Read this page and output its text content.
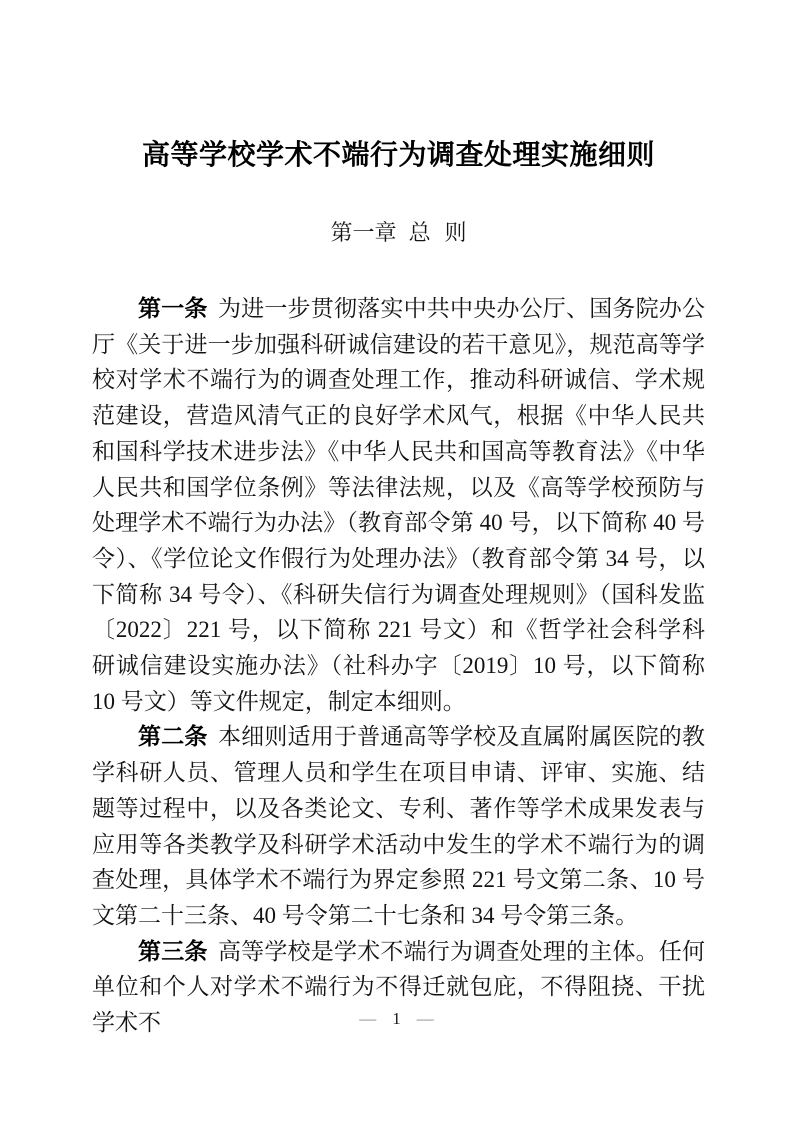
高等学校学术不端行为调查处理实施细则
第一章 总 则

第一条 为进一步贯彻落实中共中央办公厅、国务院办公厅《关于进一步加强科研诚信建设的若干意见》，规范高等学校对学术不端行为的调查处理工作，推动科研诚信、学术规范建设，营造风清气正的良好学术风气，根据《中华人民共和国科学技术进步法》《中华人民共和国高等教育法》《中华人民共和国学位条例》等法律法规，以及《高等学校预防与处理学术不端行为办法》（教育部令第 40 号，以下简称 40 号令）、《学位论文作假行为处理办法》（教育部令第 34 号，以下简称 34 号令）、《科研失信行为调查处理规则》（国科发监〔2022〕221 号，以下简称 221 号文）和《哲学社会科学科研诚信建设实施办法》（社科办字〔2019〕10 号，以下简称 10 号文）等文件规定，制定本细则。

第二条 本细则适用于普通高等学校及直属附属医院的教学科研人员、管理人员和学生在项目申请、评审、实施、结题等过程中，以及各类论文、专利、著作等学术成果发表与应用等各类教学及科研学术活动中发生的学术不端行为的调查处理，具体学术不端行为界定参照 221 号文第二条、10 号文第二十三条、40 号令第二十七条和 34 号令第三条。

第三条 高等学校是学术不端行为调查处理的主体。任何单位和个人对学术不端行为不得迁就包庇，不得阻挠、干扰学术不	— 1 —
